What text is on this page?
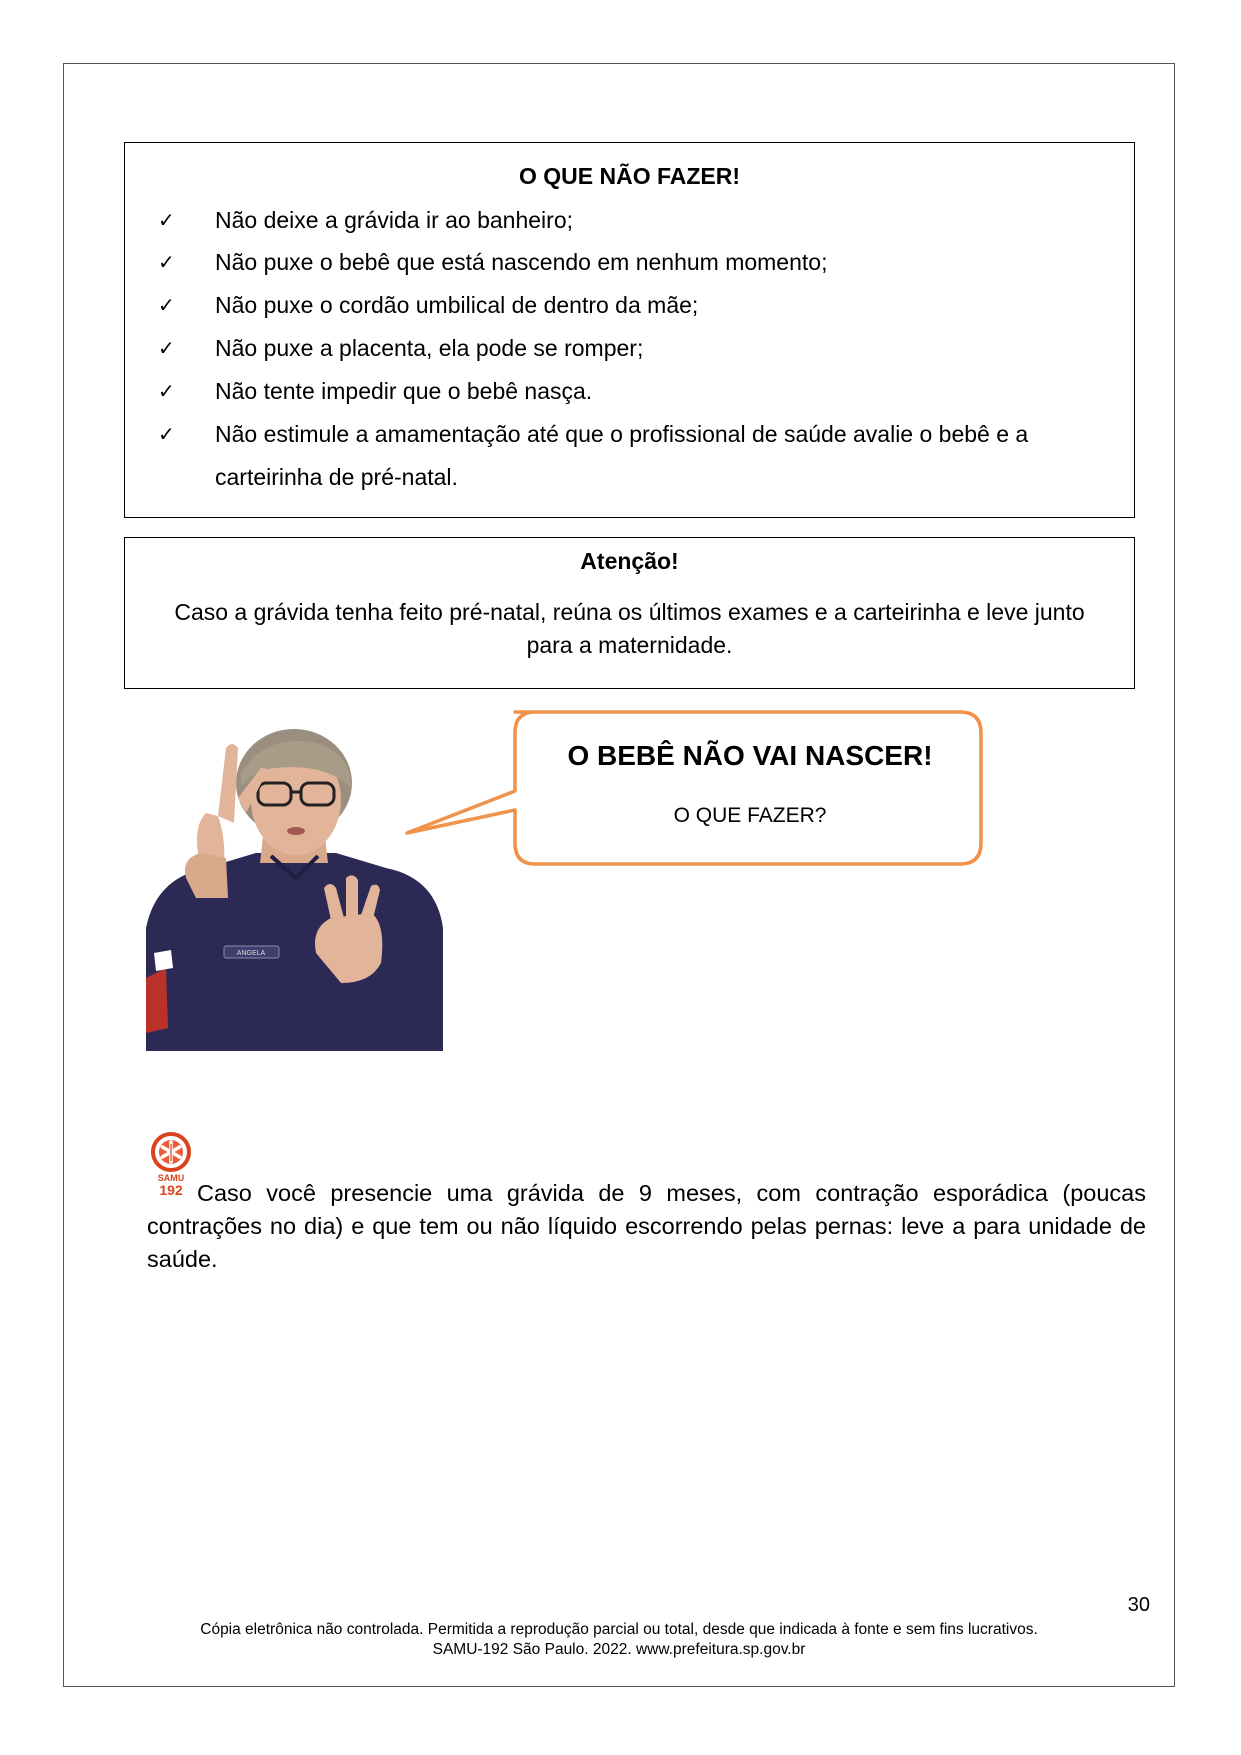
O QUE NÃO FAZER!
✓ Não deixe a grávida ir ao banheiro;
✓ Não puxe o bebê que está nascendo em nenhum momento;
✓ Não puxe o cordão umbilical de dentro da mãe;
✓ Não puxe a placenta, ela pode se romper;
✓ Não tente impedir que o bebê nasça.
✓ Não estimule a amamentação até que o profissional de saúde avalie o bebê e a carteirinha de pré-natal.
Atenção!
Caso a grávida tenha feito pré-natal, reúna os últimos exames e a carteirinha e leve junto para a maternidade.
ANGELA
O BEBÊ NÃO VAI NASCER!
O QUE FAZER?
SAMU
192 Caso você presencie uma grávida de 9 meses, com contração esporádica (poucas contrações no dia) e que tem ou não líquido escorrendo pelas pernas: leve a para unidade de saúde.
30
Cópia eletrônica não controlada. Permitida a reprodução parcial ou total, desde que indicada à fonte e sem fins lucrativos.
SAMU-192 São Paulo. 2022. www.prefeitura.sp.gov.br
